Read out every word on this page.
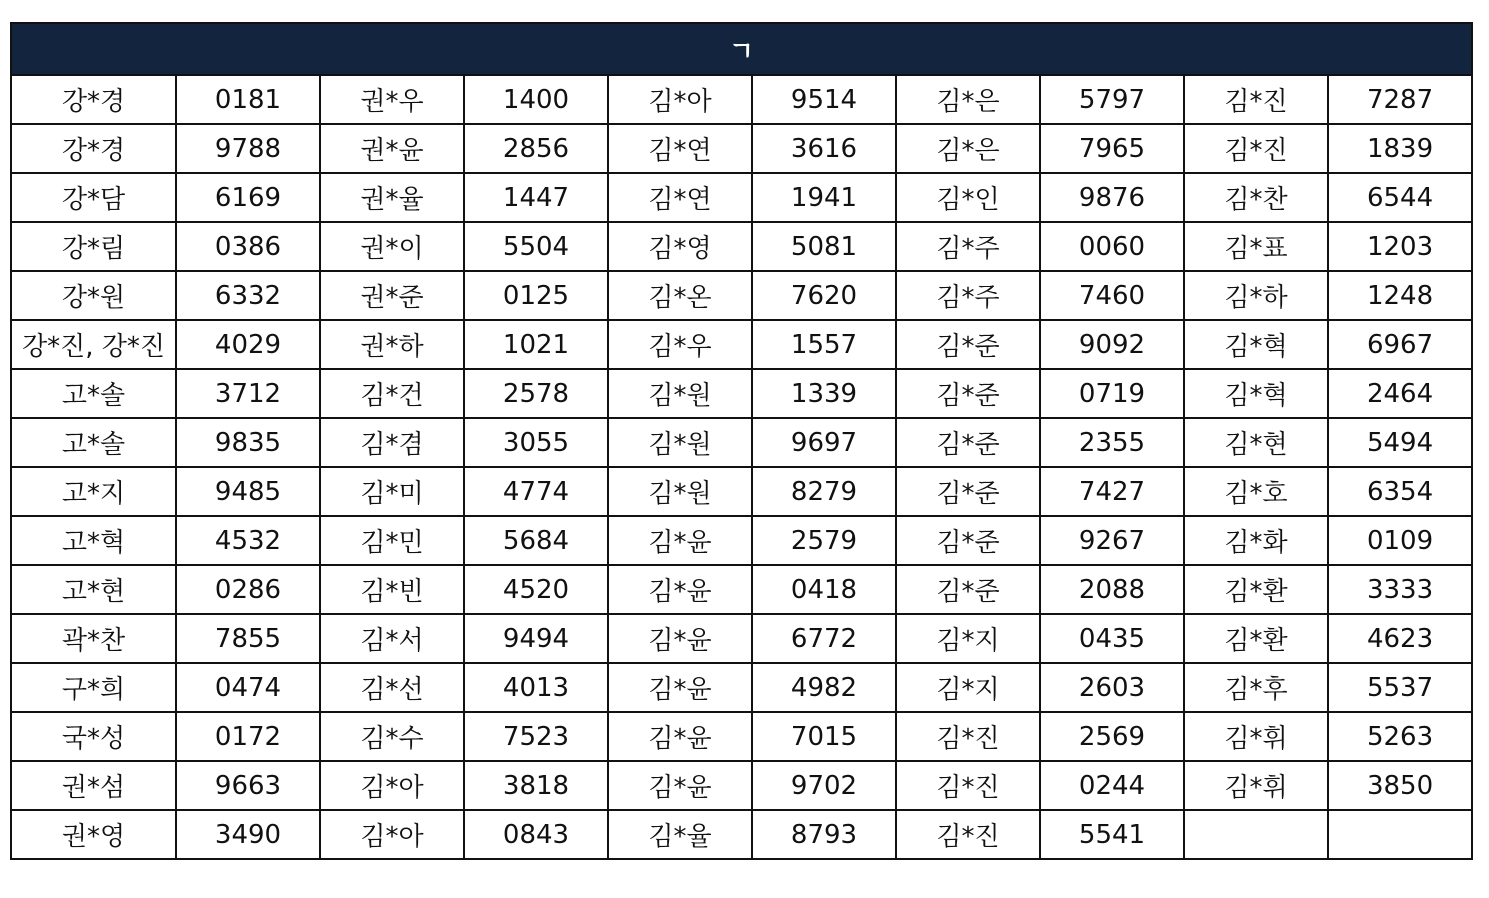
ㄱ									
강*경	0181	권*우	1400	김*아	9514	김*은	5797	김*진	7287
강*경	9788	권*윤	2856	김*연	3616	김*은	7965	김*진	1839
강*담	6169	권*율	1447	김*연	1941	김*인	9876	김*찬	6544
강*림	0386	권*이	5504	김*영	5081	김*주	0060	김*표	1203
강*원	6332	권*준	0125	김*온	7620	김*주	7460	김*하	1248
강*진, 강*진	4029	권*하	1021	김*우	1557	김*준	9092	김*혁	6967
고*솔	3712	김*건	2578	김*원	1339	김*준	0719	김*혁	2464
고*솔	9835	김*겸	3055	김*원	9697	김*준	2355	김*현	5494
고*지	9485	김*미	4774	김*원	8279	김*준	7427	김*호	6354
고*혁	4532	김*민	5684	김*윤	2579	김*준	9267	김*화	0109
고*현	0286	김*빈	4520	김*윤	0418	김*준	2088	김*환	3333
곽*찬	7855	김*서	9494	김*윤	6772	김*지	0435	김*환	4623
구*희	0474	김*선	4013	김*윤	4982	김*지	2603	김*후	5537
국*성	0172	김*수	7523	김*윤	7015	김*진	2569	김*휘	5263
권*섬	9663	김*아	3818	김*윤	9702	김*진	0244	김*휘	3850
권*영	3490	김*아	0843	김*율	8793	김*진	5541		
